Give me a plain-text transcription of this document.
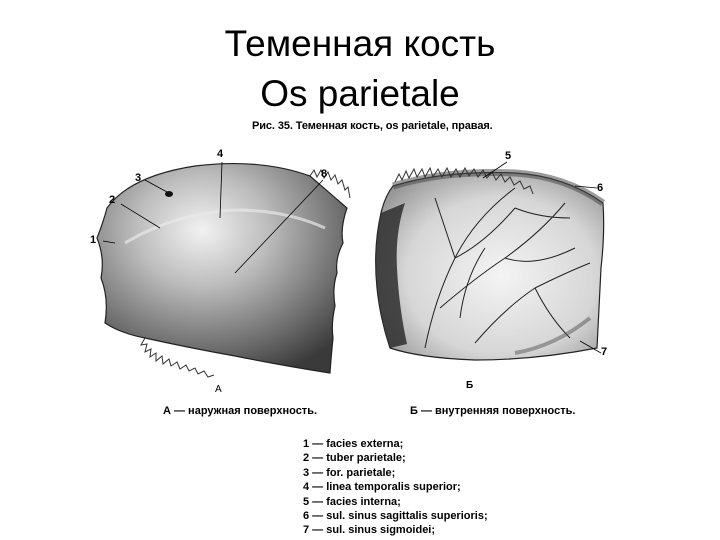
Теменная кость
Os parietale
Рис. 35. Теменная кость, os parietale, правая.
1
2
3
4
8
А
5
6
7
Б
А — наружная поверхность.	Б — внутренняя поверхность.
1 — facies externa;
2 — tuber parietale;
3 — for. parietale;
4 — linea temporalis superior;
5 — facies interna;
6 — sul. sinus sagittalis superioris;
7 — sul. sinus sigmoidei;
